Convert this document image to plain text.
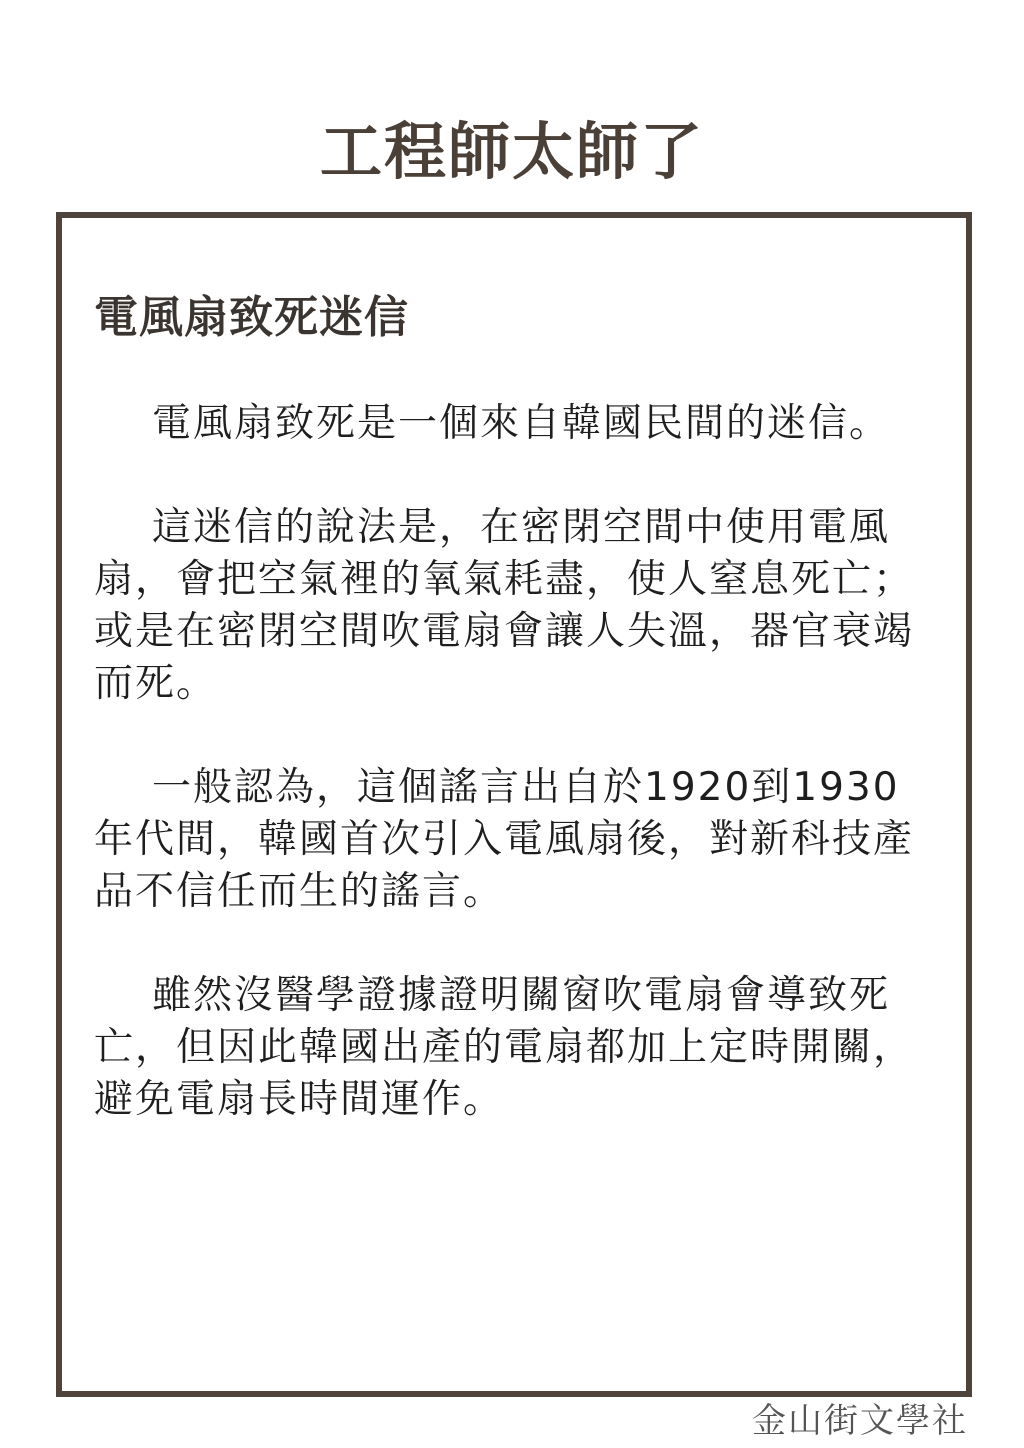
工程師太師了
電風扇致死迷信

電風扇致死是一個來自韓國民間的迷信。

這迷信的說法是，在密閉空間中使用電風扇，會把空氣裡的氧氣耗盡，使人窒息死亡；或是在密閉空間吹電扇會讓人失溫，器官衰竭而死。

一般認為，這個謠言出自於1920到1930年代間，韓國首次引入電風扇後，對新科技產品不信任而生的謠言。

雖然沒醫學證據證明關窗吹電扇會導致死亡，但因此韓國出產的電扇都加上定時開關，避免電扇長時間運作。

金山街文學社
